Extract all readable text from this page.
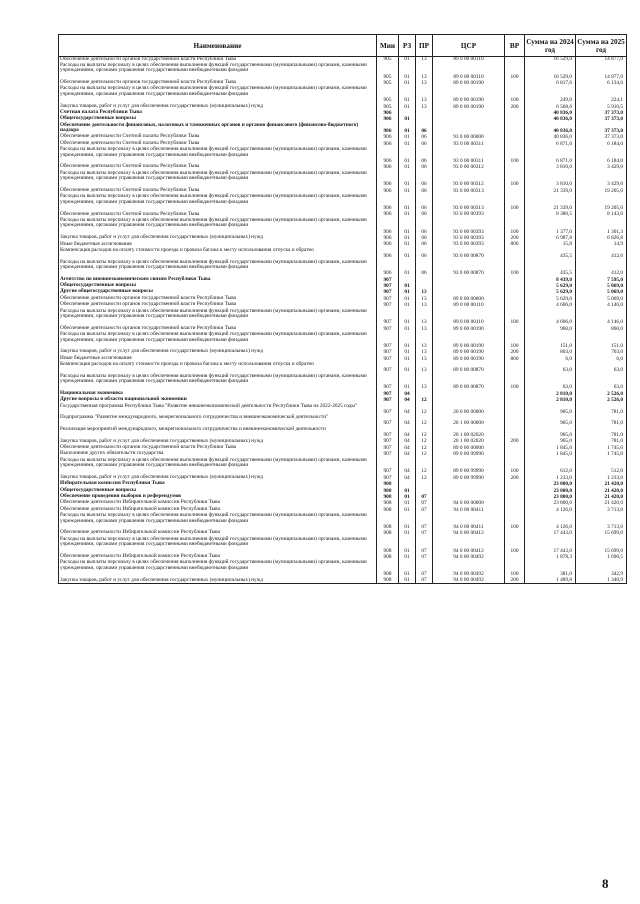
Наименование	Мин	РЗ	ПР	ЦСР	ВР	Сумма на 2024 год	Сумма на 2025 год
Обеспечение деятельности органов государственной власти Республики Тыва	905	01	13	89 0 00 00110		16 529,0	14 877,0
Расходы на выплаты персоналу в целях обеспечения выполнения функций государственными (муниципальными) органами, казенными учреждениями, органами управления государственными внебюджетными фондами	905	01	13	89 0 00 00110	100	16 529,0	14 877,0
Обеспечение деятельности органов государственной власти Республики Тыва	905	01	13	89 0 00 00190		6 817,6	6 134,6
Расходы на выплаты персоналу в целях обеспечения выполнения функций государственными (муниципальными) органами, казенными учреждениями, органами управления государственными внебюджетными фондами	905	01	13	89 0 00 00190	100	249,0	224,1
Закупка товаров, работ и услуг для обеспечения государственных (муниципальных) нужд	905	01	13	89 0 00 00190	200	6 568,6	5 910,5
Счетная палата Республики Тыва	906					40 836,0	37 373,0
Общегосударственные вопросы	906	01				40 836,0	37 373,0
Обеспечение деятельности финансовых, налоговых и таможенных органов и органов финансового (финансово-бюджетного) надзора	906	01	06			40 836,0	37 373,0
Обеспечение деятельности Счетной палаты Республики Тыва	906	01	06	93 0 00 00000		40 836,0	37 373,0
Обеспечение деятельности Счетной палаты Республики Тыва	906	01	06	93 0 00 00311		6 871,0	6 184,0
Расходы на выплаты персоналу в целях обеспечения выполнения функций государственными (муниципальными) органами, казенными учреждениями, органами управления государственными внебюджетными фондами	906	01	06	93 0 00 00311	100	6 871,0	6 184,0
Обеспечение деятельности Счетной палаты Республики Тыва	906	01	06	93 0 00 00312		3 810,0	3 429,0
Расходы на выплаты персоналу в целях обеспечения выполнения функций государственными (муниципальными) органами, казенными учреждениями, органами управления государственными внебюджетными фондами	906	01	06	93 0 00 00312	100	3 810,0	3 429,0
Обеспечение деятельности Счетной палаты Республики Тыва	906	01	06	93 0 00 00313		21 339,0	19 205,0
Расходы на выплаты персоналу в целях обеспечения выполнения функций государственными (муниципальными) органами, казенными учреждениями, органами управления государственными внебюджетными фондами	906	01	06	93 0 00 00313	100	21 339,0	19 205,0
Обеспечение деятельности Счетной палаты Республики Тыва	906	01	06	93 0 00 00393		8 380,5	8 143,0
Расходы на выплаты персоналу в целях обеспечения выполнения функций государственными (муниципальными) органами, казенными учреждениями, органами управления государственными внебюджетными фондами	906	01	06	93 0 00 00393	100	1 377,0	1 301,3
Закупка товаров, работ и услуг для обеспечения государственных (муниципальных) нужд	906	01	06	93 0 00 00393	200	6 987,8	6 826,8
Иные бюджетные ассигнования	906	01	06	93 0 00 00393	800	15,8	14,9
Компенсация расходов на оплату стоимости проезда и провоза багажа к месту использования отпуска и обратно	906	01	06	93 0 00 00870		435,5	412,0
Расходы на выплаты персоналу в целях обеспечения выполнения функций государственными (муниципальными) органами, казенными учреждениями, органами управления государственными внебюджетными фондами	906	01	06	93 0 00 00870	100	435,5	412,0
Агентство по внешнеэкономическим связям Республики Тыва	907					8 439,0	7 595,0
Общегосударственные вопросы	907	01				5 629,0	5 069,0
Другие общегосударственные вопросы	907	01	13			5 629,0	5 069,0
Обеспечение деятельности органов государственной власти Республики Тыва	907	01	13	89 0 00 00000		5 629,0	5 069,0
Обеспечение деятельности органов государственной власти Республики Тыва	907	01	13	89 0 00 00110		4 606,0	4 146,0
Расходы на выплаты персоналу в целях обеспечения выполнения функций государственными (муниципальными) органами, казенными учреждениями, органами управления государственными внебюджетными фондами	907	01	13	89 0 00 00110	100	4 606,0	4 146,0
Обеспечение деятельности органов государственной власти Республики Тыва	907	01	13	89 0 00 00190		960,0	860,0
Расходы на выплаты персоналу в целях обеспечения выполнения функций государственными (муниципальными) органами, казенными учреждениями, органами управления государственными внебюджетными фондами	907	01	13	89 0 00 00190	100	151,0	151,0
Закупка товаров, работ и услуг для обеспечения государственных (муниципальных) нужд	907	01	13	89 0 00 00190	200	803,0	703,0
Иные бюджетные ассигнования	907	01	13	89 0 00 00190	800	6,0	6,0
Компенсация расходов на оплату стоимости проезда и провоза багажа к месту использования отпуска и обратно	907	01	13	89 0 00 00870		63,0	63,0
Расходы на выплаты персоналу в целях обеспечения выполнения функций государственными (муниципальными) органами, казенными учреждениями, органами управления государственными внебюджетными фондами	907	01	13	89 0 00 00870	100	63,0	63,0
Национальная экономика	907	04				2 810,0	2 526,0
Другие вопросы в области национальной экономики	907	04	12			2 810,0	2 526,0
Государственная программа Республики Тыва "Развитие внешнеэкономической деятельности Республики Тыва на 2022-2025 годы"	907	04	12	20 0 00 00000		965,0	781,0
Подпрограмма "Развитие международного, межрегионального сотрудничества и внешнеэкономической деятельности"	907	04	12	20 1 00 00000		965,0	781,0
Реализация мероприятий международного, межрегионального сотрудничества и внешнеэкономической деятельности	907	04	12	20 1 00 02020		965,0	781,0
Закупка товаров, работ и услуг для обеспечения государственных (муниципальных) нужд	907	04	12	20 1 00 02020	200	965,0	781,0
Обеспечение деятельности органов государственной власти Республики Тыва	907	04	12	89 0 00 00000		1 845,0	1 745,0
Выполнение других обязательств государства	907	04	12	89 0 00 99990		1 845,0	1 745,0
Расходы на выплаты персоналу в целях обеспечения выполнения функций государственными (муниципальными) органами, казенными учреждениями, органами управления государственными внебюджетными фондами	907	04	12	89 0 00 99990	100	612,0	512,0
Закупка товаров, работ и услуг для обеспечения государственных (муниципальных) нужд	907	04	12	89 0 00 99990	200	1 233,0	1 233,0
Избирательная комиссия Республики Тыва	908					23 800,0	21 420,0
Общегосударственные вопросы	908	01				23 800,0	21 420,0
Обеспечение проведения выборов и референдумов	908	01	07			23 800,0	21 420,0
Обеспечение деятельности Избирательной комиссии Республики Тыва	908	01	07	94 0 00 00000		23 800,0	21 420,0
Обеспечение деятельности Избирательной комиссии Республики Тыва	908	01	07	94 0 00 00411		4 126,0	3 713,0
Расходы на выплаты персоналу в целях обеспечения выполнения функций государственными (муниципальными) органами, казенными учреждениями, органами управления государственными внебюджетными фондами	908	01	07	94 0 00 00411	100	4 126,0	3 713,0
Обеспечение деятельности Избирательной комиссии Республики Тыва	908	01	07	94 0 00 00412		17 443,0	15 699,0
Расходы на выплаты персоналу в целях обеспечения выполнения функций государственными (муниципальными) органами, казенными учреждениями, органами управления государственными внебюджетными фондами	908	01	07	94 0 00 00412	100	17 443,0	15 699,0
Обеспечение деятельности Избирательной комиссии Республики Тыва	908	01	07	94 0 00 00492		1 878,3	1 690,5
Расходы на выплаты персоналу в целях обеспечения выполнения функций государственными (муниципальными) органами, казенными учреждениями, органами управления государственными внебюджетными фондами	908	01	07	94 0 00 00492	100	381,0	342,9
Закупка товаров, работ и услуг для обеспечения государственных (муниципальных) нужд	908	01	07	94 0 00 00492	200	1 489,8	1 340,9
8
